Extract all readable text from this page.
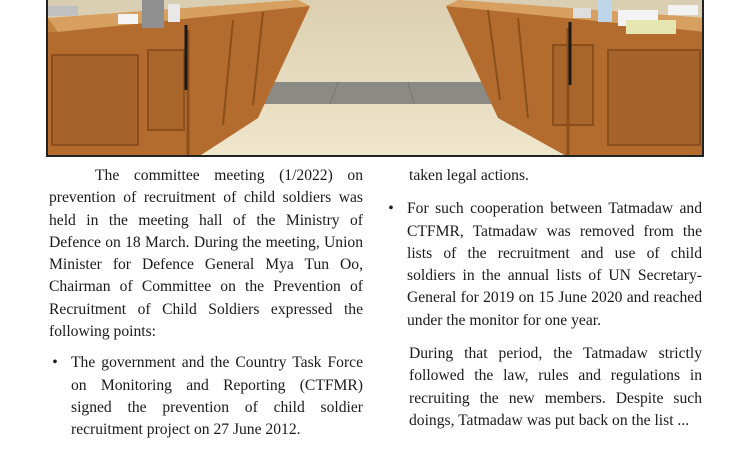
The committee meeting (1/2022) on prevention of recruitment of child soldiers was held in the meeting hall of the Ministry of Defence on 18 March. During the meeting, Union Minister for Defence General Mya Tun Oo, Chairman of Committee on the Prevention of Recruitment of Child Soldiers expressed the following points:

• The government and the Country Task Force on Monitoring and Reporting (CTFMR) signed the prevention of child soldier recruitment project on 27 June 2012.

taken legal actions.

• For such cooperation between Tatmadaw and CTFMR, Tatmadaw was removed from the lists of the recruitment and use of child soldiers in the annual lists of UN Secretary-General for 2019 on 15 June 2020 and reached under the monitor for one year.

During that period, the Tatmadaw strictly followed the law, rules and regulations in recruiting the new members. Despite such doings, Tatmadaw was put back on the list ...
